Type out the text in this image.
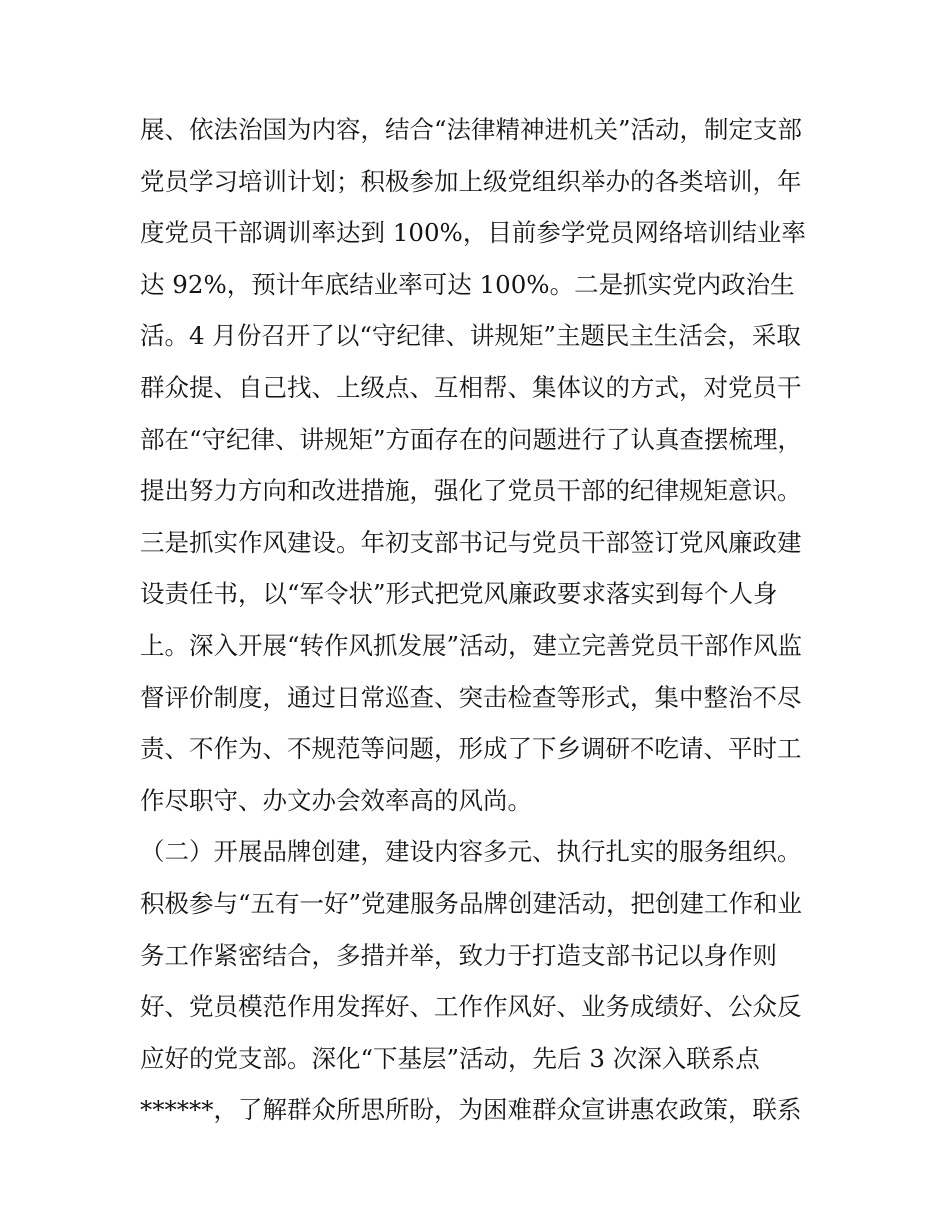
展、依法治国为内容，结合“法律精神进机关”活动，制定支部
党员学习培训计划；积极参加上级党组织举办的各类培训，年
度党员干部调训率达到 100%，目前参学党员网络培训结业率
达 92%，预计年底结业率可达 100%。二是抓实党内政治生
活。4 月份召开了以“守纪律、讲规矩”主题民主生活会，采取
群众提、自己找、上级点、互相帮、集体议的方式，对党员干
部在“守纪律、讲规矩”方面存在的问题进行了认真查摆梳理，
提出努力方向和改进措施，强化了党员干部的纪律规矩意识。
三是抓实作风建设。年初支部书记与党员干部签订党风廉政建
设责任书，以“军令状”形式把党风廉政要求落实到每个人身
上。深入开展“转作风抓发展”活动，建立完善党员干部作风监
督评价制度，通过日常巡查、突击检查等形式，集中整治不尽
责、不作为、不规范等问题，形成了下乡调研不吃请、平时工
作尽职守、办文办会效率高的风尚。
（二）开展品牌创建，建设内容多元、执行扎实的服务组织。
积极参与“五有一好”党建服务品牌创建活动，把创建工作和业
务工作紧密结合，多措并举，致力于打造支部书记以身作则
好、党员模范作用发挥好、工作作风好、业务成绩好、公众反
应好的党支部。深化“下基层”活动，先后 3 次深入联系点
******，了解群众所思所盼，为困难群众宣讲惠农政策，联系
